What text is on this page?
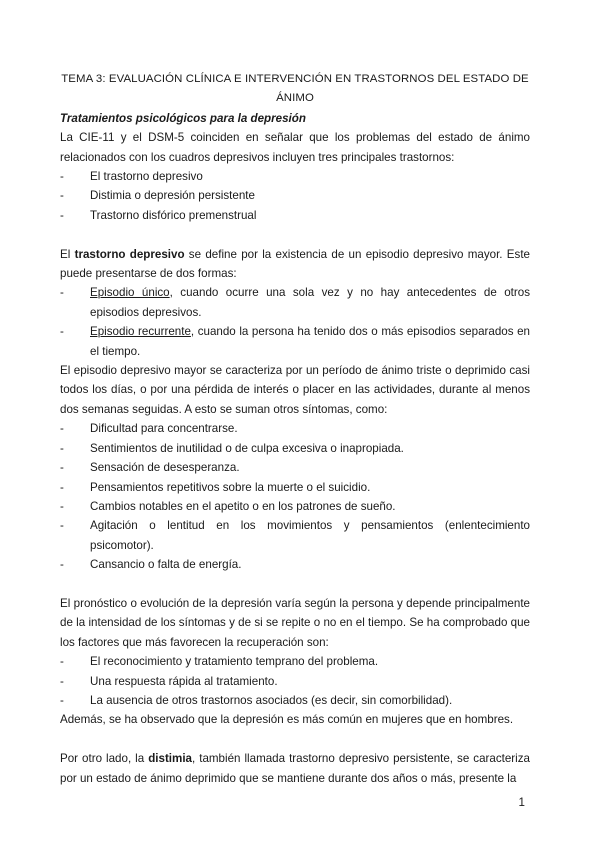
TEMA 3: EVALUACIÓN CLÍNICA E INTERVENCIÓN EN TRASTORNOS DEL ESTADO DE ÁNIMO
Tratamientos psicológicos para la depresión

La CIE-11 y el DSM-5 coinciden en señalar que los problemas del estado de ánimo relacionados con los cuadros depresivos incluyen tres principales trastornos:

- El trastorno depresivo
- Distimia o depresión persistente
- Trastorno disfórico premenstrual

El trastorno depresivo se define por la existencia de un episodio depresivo mayor. Este puede presentarse de dos formas:

- Episodio único, cuando ocurre una sola vez y no hay antecedentes de otros episodios depresivos.
- Episodio recurrente, cuando la persona ha tenido dos o más episodios separados en el tiempo.

El episodio depresivo mayor se caracteriza por un período de ánimo triste o deprimido casi todos los días, o por una pérdida de interés o placer en las actividades, durante al menos dos semanas seguidas. A esto se suman otros síntomas, como:

- Dificultad para concentrarse.
- Sentimientos de inutilidad o de culpa excesiva o inapropiada.
- Sensación de desesperanza.
- Pensamientos repetitivos sobre la muerte o el suicidio.
- Cambios notables en el apetito o en los patrones de sueño.
- Agitación o lentitud en los movimientos y pensamientos (enlentecimiento psicomotor).
- Cansancio o falta de energía.

El pronóstico o evolución de la depresión varía según la persona y depende principalmente de la intensidad de los síntomas y de si se repite o no en el tiempo. Se ha comprobado que los factores que más favorecen la recuperación son:

- El reconocimiento y tratamiento temprano del problema.
- Una respuesta rápida al tratamiento.
- La ausencia de otros trastornos asociados (es decir, sin comorbilidad).

Además, se ha observado que la depresión es más común en mujeres que en hombres.

Por otro lado, la distimia, también llamada trastorno depresivo persistente, se caracteriza por un estado de ánimo deprimido que se mantiene durante dos años o más, presente la

1
